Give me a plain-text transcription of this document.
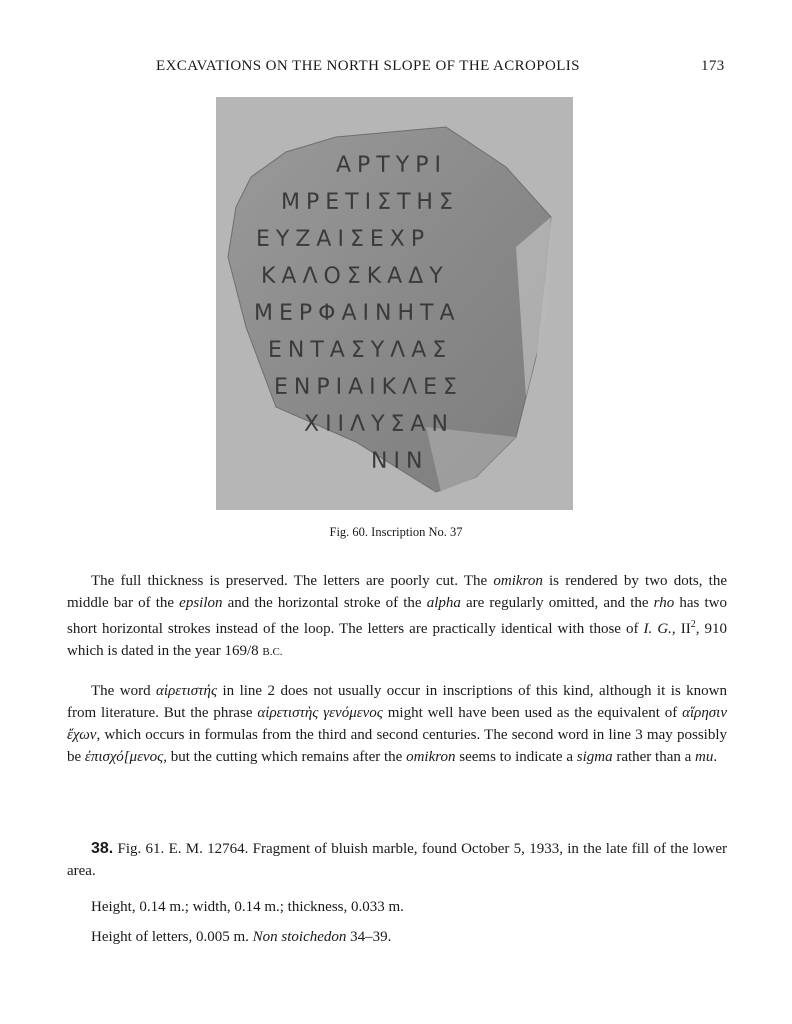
EXCAVATIONS ON THE NORTH SLOPE OF THE ACROPOLIS	173
ΑΡΤΥΡΙ
ΜΡΕΤΙΣΤΗΣ
ΕΥΖΑΙΣΕΧΡ
ΚΑΛΟΣΚΑΔΥ
ΜΕΡΦΑΙΝΗΤΑ
ΕΝΤΑΣΥΛΑΣ
ΕΝΡΙΑΙΚΛΕΣ
ΧΙΙΛΥΣΑΝ
ΝΙΝ
Fig. 60. Inscription No. 37

The full thickness is preserved. The letters are poorly cut. The omikron is rendered by two dots, the middle bar of the epsilon and the horizontal stroke of the alpha are regularly omitted, and the rho has two short horizontal strokes instead of the loop. The letters are practically identical with those of I. G., $II^2$, 910 which is dated in the year 169/8 B.C.

The word αἱρετιστής in line 2 does not usually occur in inscriptions of this kind, although it is known from literature. But the phrase αἱρετιστὴς γενόμενος might well have been used as the equivalent of αἵρησιν ἔχων, which occurs in formulas from the third and second centuries. The second word in line 3 may possibly be ἐπισχό[μενος, but the cutting which remains after the omikron seems to indicate a sigma rather than a mu.

38. Fig. 61. E. M. 12764. Fragment of bluish marble, found October 5, 1933, in the late fill of the lower area.

Height, 0.14 m.; width, 0.14 m.; thickness, 0.033 m.
Height of letters, 0.005 m. Non stoichedon 34–39.
